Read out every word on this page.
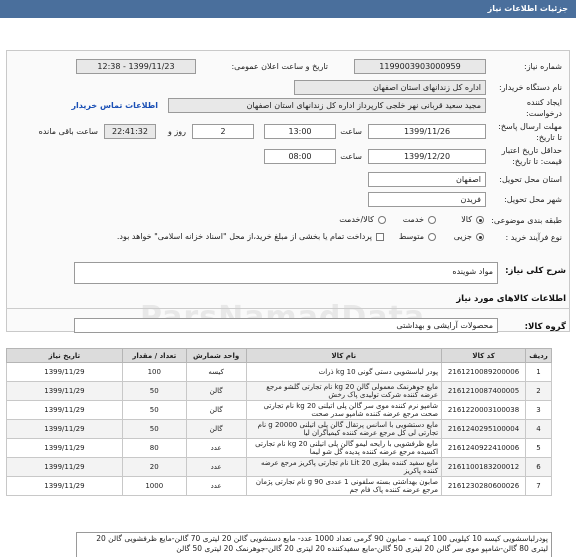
جزئیات اطلاعات نیاز
شماره نیاز:
1199003903000959
تاریخ و ساعت اعلان عمومی:
1399/11/23 - 12:38
نام دستگاه خریدار:
اداره کل زندانهای استان اصفهان
ایجاد کننده
درخواست:
مجید سعید قربانی نهر خلجی کارپرداز اداره کل زندانهای استان اصفهان
اطلاعات تماس خریدار
مهلت ارسال پاسخ:
تا تاریخ:
1399/11/26
ساعت
13:00
2
روز و
22:41:32
ساعت باقی مانده
حداقل تاریخ اعتبار
قیمت: تا تاریخ:
1399/12/20
ساعت
08:00
استان محل تحویل:
اصفهان
شهر محل تحویل:
فریدن
طبقه بندی موضوعی:
کالا
خدمت
کالا/خدمت
نوع فرآیند خرید :
جزیی
متوسط
پرداخت تمام یا بخشی از مبلغ خرید،از محل "اسناد خزانه اسلامی" خواهد بود.
شرح کلی نیاز:
مواد شوینده
اطلاعات کالاهای مورد نیاز
گروه کالا:
محصولات آرایشی و بهداشتی
ردیف	کد کالا	نام کالا	واحد شمارش	تعداد / مقدار	تاریخ نیاز
1	2161210089200006	پودر لباسشویی دستی گونی 10 kg ذرات	کیسه	100	1399/11/29
2	2161210087400005	مایع جوهرنمک معمولی گالن 20 kg نام تجارتی گلشو مرجع عرضه کننده شرکت تولیدی پاک رخش	گالن	50	1399/11/29
3	2161220003100038	شامپو نرم کننده موی سر گالن پلی اتیلنی 20 kg نام تجارتی صحت مرجع عرضه کننده شامپو سدر صحت	گالن	50	1399/11/29
4	2161240295100004	مایع دستشویی با اسانس پرتقال گالن پلی اتیلنی 20000 g نام تجارتی لی کل مرجع عرضه کننده کیمیاگران لیا	گالن	50	1399/11/29
5	2161240922410006	مایع ظرفشویی با رایحه لیمو گالن پلی اتیلنی 20 kg نام تجارتی اکسیده مرجع عرضه کننده پدیده گل شو لیما	عدد	80	1399/11/29
6	2161100183200012	مایع سفید کننده بطری Lit 20 نام تجارتی پاکریز مرجع عرضه کننده پاکریز	عدد	20	1399/11/29
7	2161230280600026	صابون بهداشتی بسته سلفونی 1 عددی 90 g نام تجارتی پژمان مرجع عرضه کننده پاک فام جم	عدد	1000	1399/11/29
پودرلباسشویی کیسه 10 کیلویی 100 کیسه - صابون 90 گرمی تعداد 1000 عدد- مایع دستشویی گالن 20 لیتری 70 گالن-مایع ظرفشویی گالن 20 لیتری 80 گالن-شامپو موی سر گالن 20 لیتری 50 گالن-مایع سفیدکننده 20 لیتری 20 گالن-جوهرنمک 20 لیتری 50 گالن
